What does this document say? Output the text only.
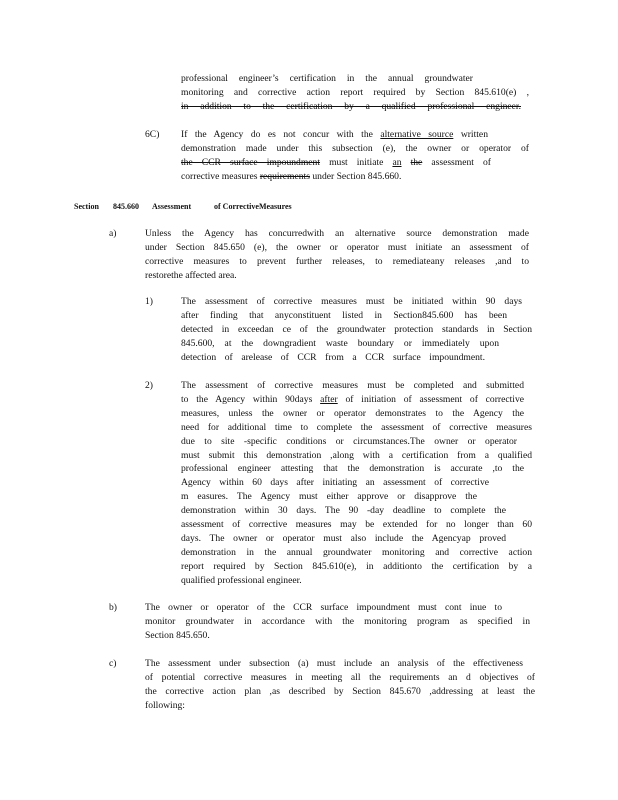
professional engineer’s certification in the annual groundwater
monitoring and corrective action report required by Section 845.610(e) ,
in addition to the certification by a qualified professional engineer.
6C) If the Agency do es not concur with the alternative source written
demonstration made under this subsection (e), the owner or operator of
the CCR surface impoundment must initiate an the assessment of
corrective measures requirements under Section 845.660.
Section 845.660 Assessment	of CorrectiveMeasures
a)	Unless the Agency has concurredwith an alternative source demonstration made
under Section 845.650 (e), the owner or operator must initiate an assessment of
corrective measures to prevent further releases, to remediateany releases ,and to
restorethe affected area.
1)	The assessment of corrective measures must be initiated within 90 days
after finding that anyconstituent listed in Section845.600 has been
detected in exceedan ce of the groundwater protection standards in Section
845.600, at the downgradient waste boundary or immediately upon
detection of arelease of CCR from a CCR surface impoundment.
2)	The assessment of corrective measures must be completed and submitted
to the Agency within 90days after of initiation of assessment of corrective
measures, unless the owner or operator demonstrates to the Agency the
need for additional time to complete the assessment of corrective measures
due to site -specific conditions or circumstances.The owner or operator
must submit this demonstration ,along with a certification from a qualified
professional engineer attesting that the demonstration is accurate ,to the
Agency within 60 days after initiating an assessment of corrective
m easures. The Agency must either approve or disapprove the
demonstration within 30 days. The 90 -day deadline to complete the
assessment of corrective measures may be extended for no longer than 60
days. The owner or operator must also include the Agencyap proved
demonstration in the annual groundwater monitoring and corrective action
report required by Section 845.610(e), in additionto the certification by a
qualified professional engineer.
b)	The owner or operator of the CCR surface impoundment must cont inue to
monitor groundwater in accordance with the monitoring program as specified in
Section 845.650.
c)	The assessment under subsection (a) must include an analysis of the effectiveness
of potential corrective measures in meeting all the requirements an d objectives of
the corrective action plan ,as described by Section 845.670 ,addressing at least the
following:
